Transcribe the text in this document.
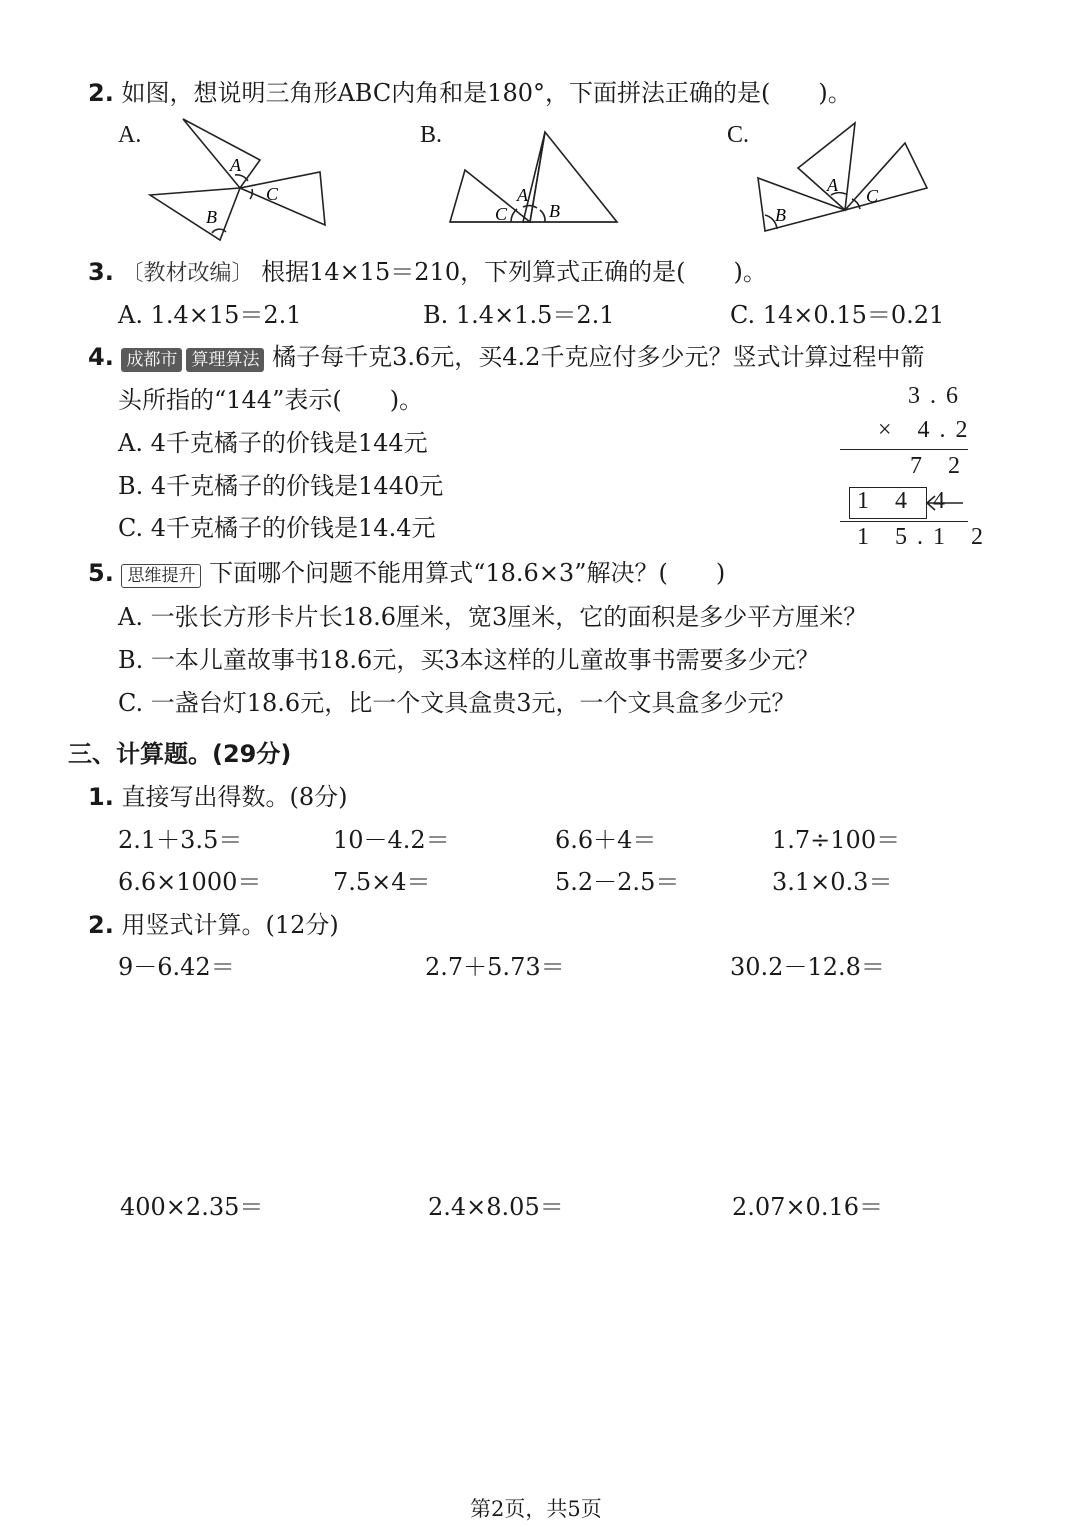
2. 如图，想说明三角形ABC内角和是180°，下面拼法正确的是(　　)。
A.	B.	C.
A
C
B	C
A
B	B
A
C
3. 〔教材改编〕 根据14×15＝210，下列算式正确的是(　　)。
A. 1.4×15＝2.1	B. 1.4×1.5＝2.1	C. 14×0.15＝0.21
4. 成都市 算理算法 橘子每千克3.6元，买4.2千克应付多少元？竖式计算过程中箭
头所指的“144”表示(　　)。
A. 4千克橘子的价钱是144元
B. 4千克橘子的价钱是1440元
C. 4千克橘子的价钱是14.4元
3.6
× 4.2
7 2
1 4 4
1 5.1 2
5. 思维提升 下面哪个问题不能用算式“18.6×3”解决？(　　)
A. 一张长方形卡片长18.6厘米，宽3厘米，它的面积是多少平方厘米？
B. 一本儿童故事书18.6元，买3本这样的儿童故事书需要多少元？
C. 一盏台灯18.6元，比一个文具盒贵3元，一个文具盒多少元？
三、计算题。(29分)
1. 直接写出得数。(8分)
2.1＋3.5＝	10－4.2＝	6.6＋4＝	1.7÷100＝
6.6×1000＝	7.5×4＝	5.2－2.5＝	3.1×0.3＝
2. 用竖式计算。(12分)
9－6.42＝	2.7＋5.73＝	30.2－12.8＝
400×2.35＝	2.4×8.05＝	2.07×0.16＝
第2页，共5页
